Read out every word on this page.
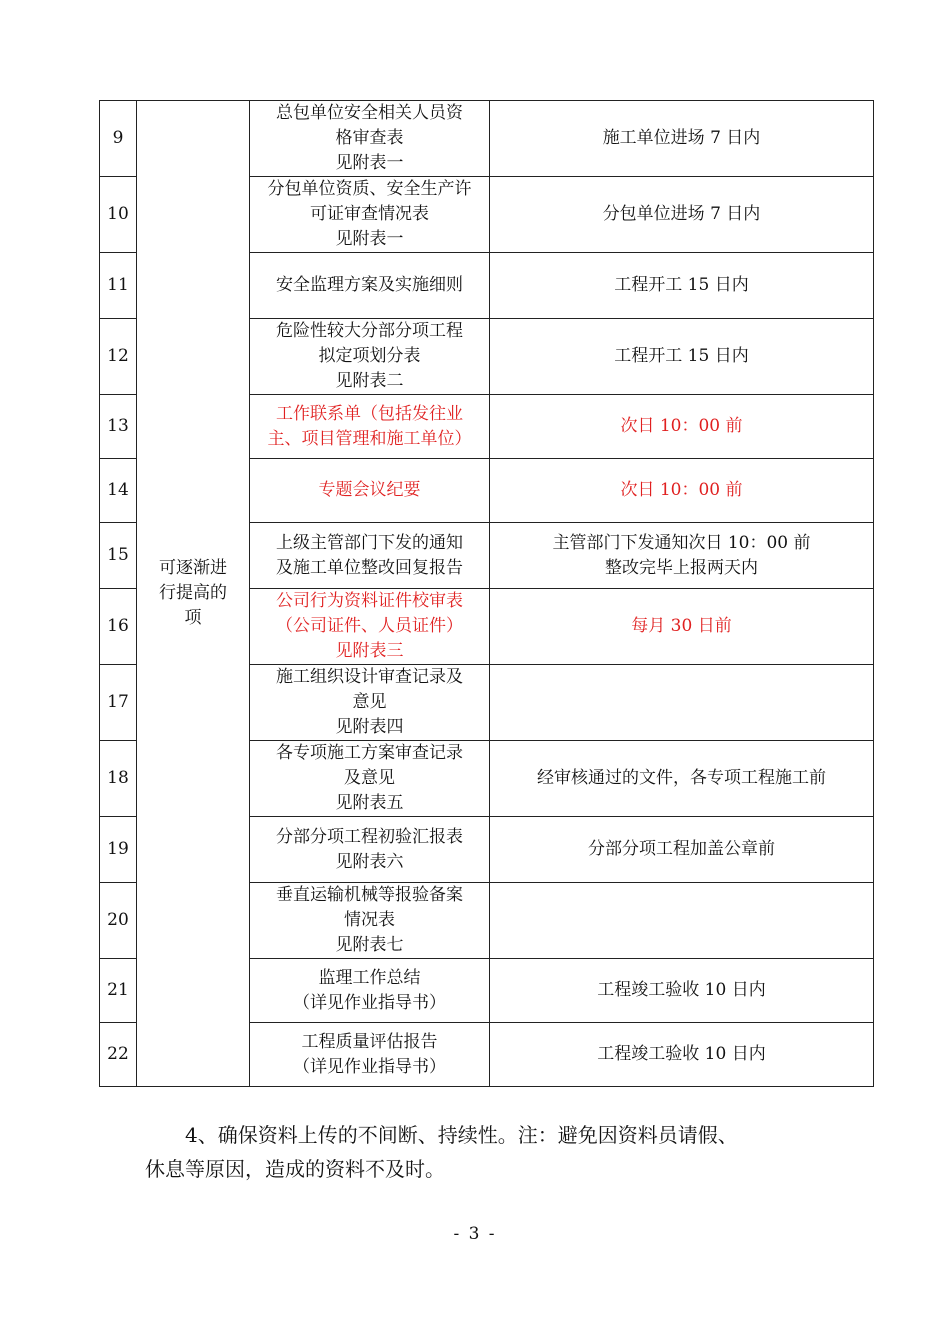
9	可逐渐进
行提高的
项	总包单位安全相关人员资
格审查表
见附表一	施工单位进场 7 日内

10		分包单位资质、安全生产许
可证审查情况表
见附表一	分包单位进场 7 日内

11		安全监理方案及实施细则	工程开工 15 日内

12		危险性较大分部分项工程
拟定项划分表
见附表二	工程开工 15 日内

13		工作联系单（包括发往业
主、项目管理和施工单位）	次日 10：00 前

14		专题会议纪要	次日 10：00 前

15		上级主管部门下发的通知
及施工单位整改回复报告	主管部门下发通知次日 10：00 前
整改完毕上报两天内

16		公司行为资料证件校审表
（公司证件、人员证件）
见附表三	每月 30 日前

17		施工组织设计审查记录及
意见
见附表四	

18		各专项施工方案审查记录
及意见
见附表五	经审核通过的文件，各专项工程施工前

19		分部分项工程初验汇报表
见附表六	分部分项工程加盖公章前

20		垂直运输机械等报验备案
情况表
见附表七	

21		监理工作总结
（详见作业指导书）	工程竣工验收 10 日内

22		工程质量评估报告
（详见作业指导书）	工程竣工验收 10 日内
4、确保资料上传的不间断、持续性。注：避免因资料员请假、
休息等原因，造成的资料不及时。
- 3 -
